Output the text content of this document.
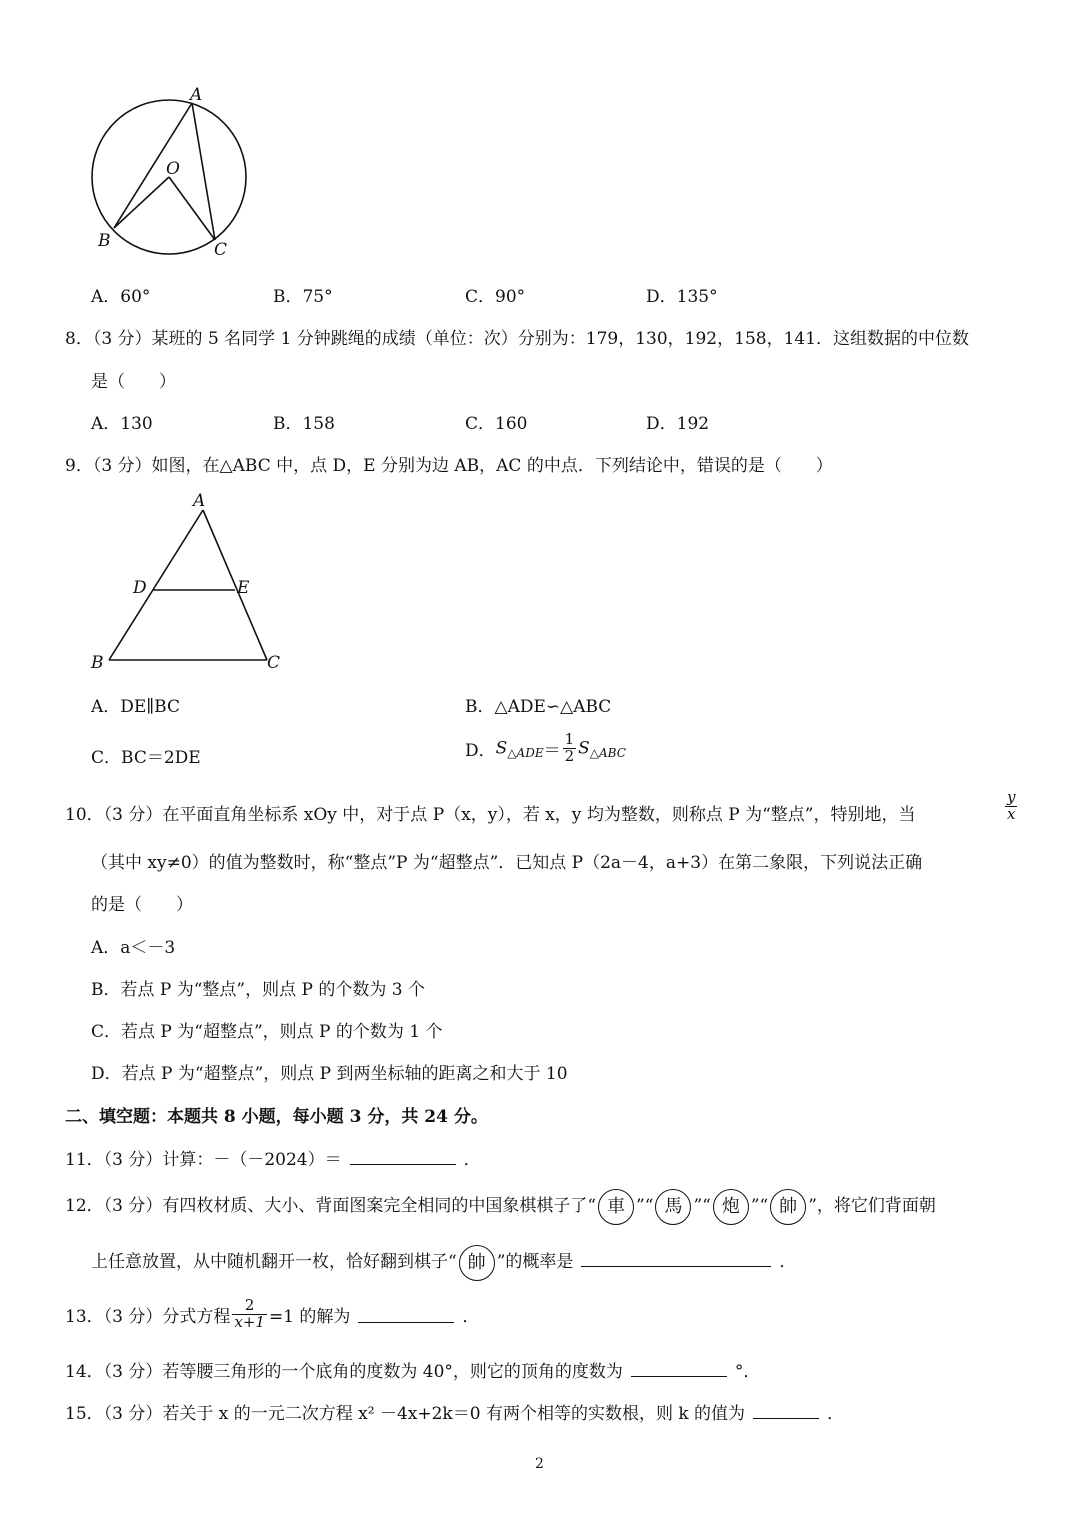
A
O
B	C
A．60°	B．75°	C．90°	D．135°
8．（3 分）某班的 5 名同学 1 分钟跳绳的成绩（单位：次）分别为：179，130，192，158，141．这组数据的中位数
是（　　）
A．130	B．158	C．160	D．192
9．（3 分）如图，在△ABC 中，点 D，E 分别为边 AB，AC 的中点．下列结论中，错误的是（　　）
A
D	E
B	C
A．DE∥BC	B．△ADE∽△ABC
C．BC＝2DE	D．$S_{\triangle ADE}= \frac{1}{2} S_{\triangle ABC}$
10．（3 分）在平面直角坐标系 xOy 中，对于点 P（x，y），若 x，y 均为整数，则称点 P 为“整点”，特别地，当	$\frac{y}{x}$
（其中 xy≠0）的值为整数时，称“整点”P 为“超整点”．已知点 P（2a－4，a+3）在第二象限，下列说法正确
的是（　　）
A．a＜－3
B．若点 P 为“整点”，则点 P 的个数为 3 个
C．若点 P 为“超整点”，则点 P 的个数为 1 个
D．若点 P 为“超整点”，则点 P 到两坐标轴的距离之和大于 10
二、填空题：本题共 8 小题，每小题 3 分，共 24 分。
11．（3 分）计算：－（－2024）＝	．
12．（3 分）有四枚材质、大小、背面图案完全相同的中国象棋棋子了“ 車 ”“ 馬 ”“ 炮 ”“ 帥 ”，将它们背面朝
上任意放置，从中随机翻开一枚，恰好翻到棋子“ 帥 ”的概率是	．
13．（3 分）分式方程 $\frac{2}{x+1} =1$ 的解为	．
14．（3 分）若等腰三角形的一个底角的度数为 40°，则它的顶角的度数为	°．
15．（3 分）若关于 x 的一元二次方程 x² －4x+2k＝0 有两个相等的实数根，则 k 的值为	．
2
